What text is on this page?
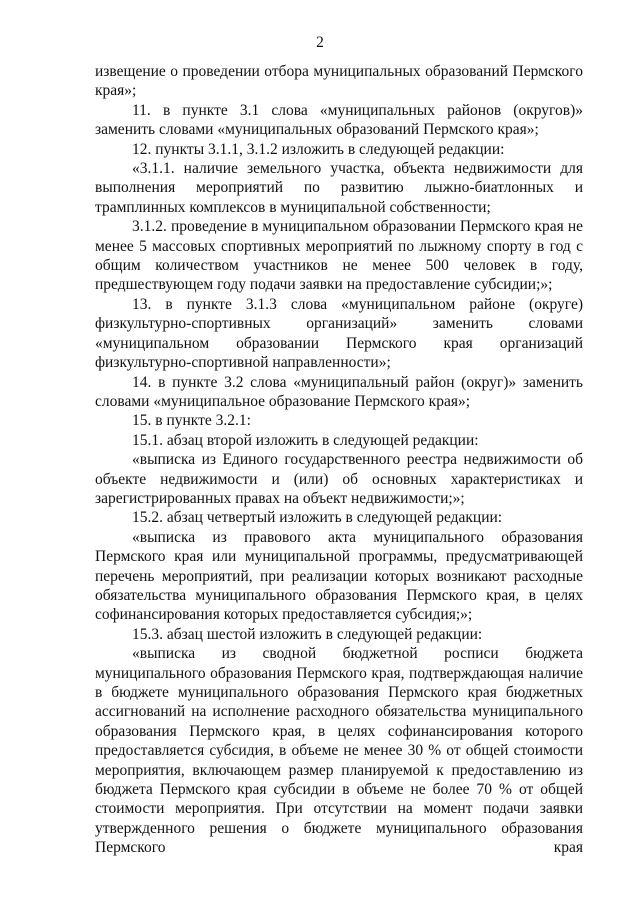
2

извещение о проведении отбора муниципальных образований Пермского края»;

11. в пункте 3.1 слова «муниципальных районов (округов)» заменить словами «муниципальных образований Пермского края»;

12. пункты 3.1.1, 3.1.2 изложить в следующей редакции:

«3.1.1. наличие земельного участка, объекта недвижимости для выполнения мероприятий по развитию лыжно-биатлонных и трамплинных комплексов в муниципальной собственности;

3.1.2. проведение в муниципальном образовании Пермского края не менее 5 массовых спортивных мероприятий по лыжному спорту в год с общим количеством участников не менее 500 человек в году, предшествующем году подачи заявки на предоставление субсидии;»;

13. в пункте 3.1.3 слова «муниципальном районе (округе) физкультурно-спортивных организаций» заменить словами «муниципальном образовании Пермского края организаций физкультурно-спортивной направленности»;

14. в пункте 3.2 слова «муниципальный район (округ)» заменить словами «муниципальное образование Пермского края»;

15. в пункте 3.2.1:

15.1. абзац второй изложить в следующей редакции:

«выписка из Единого государственного реестра недвижимости об объекте недвижимости и (или) об основных характеристиках и зарегистрированных правах на объект недвижимости;»;

15.2. абзац четвертый изложить в следующей редакции:

«выписка из правового акта муниципального образования Пермского края или муниципальной программы, предусматривающей перечень мероприятий, при реализации которых возникают расходные обязательства муниципального образования Пермского края, в целях софинансирования которых предоставляется субсидия;»;

15.3. абзац шестой изложить в следующей редакции:

«выписка из сводной бюджетной росписи бюджета муниципального образования Пермского края, подтверждающая наличие в бюджете муниципального образования Пермского края бюджетных ассигнований на исполнение расходного обязательства муниципального образования Пермского края, в целях софинансирования которого предоставляется субсидия, в объеме не менее 30 % от общей стоимости мероприятия, включающем размер планируемой к предоставлению из бюджета Пермского края субсидии в объеме не более 70 % от общей стоимости мероприятия. При отсутствии на момент подачи заявки утвержденного решения о бюджете муниципального образования Пермского края
